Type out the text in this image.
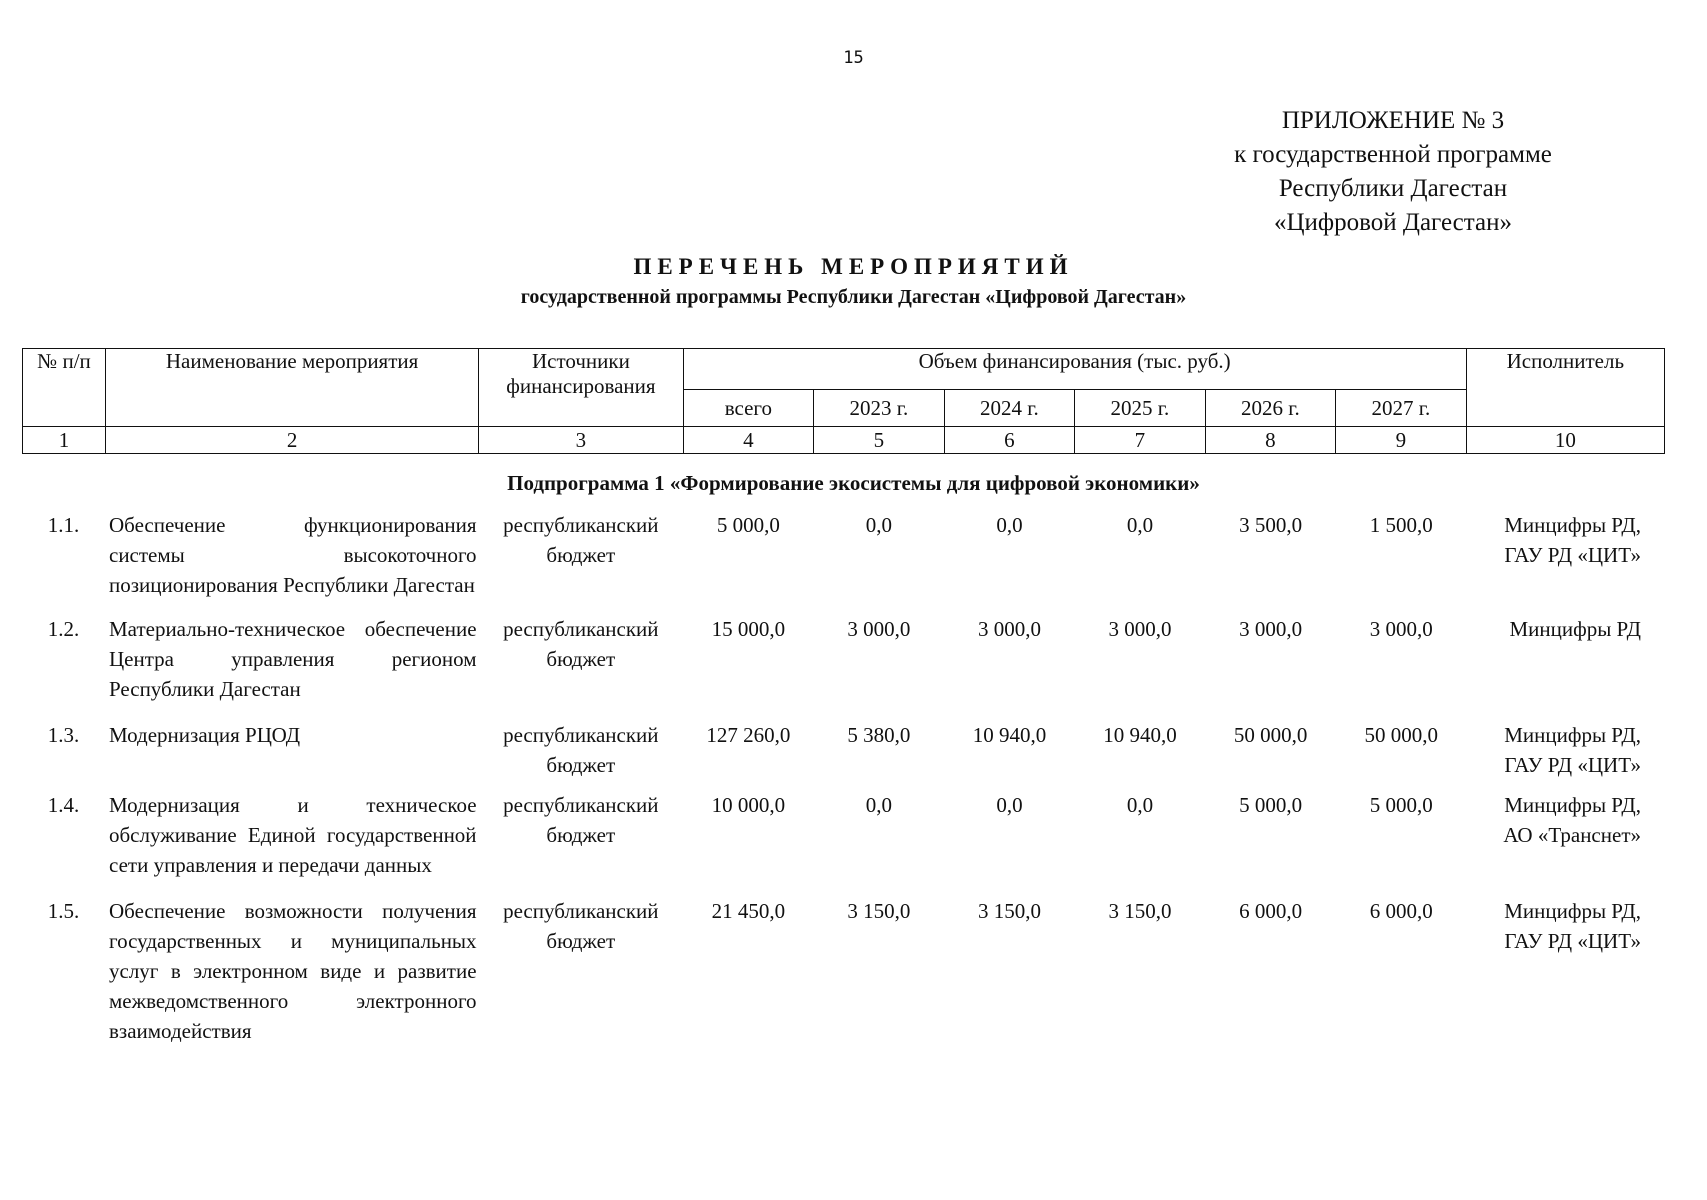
15
ПРИЛОЖЕНИЕ № 3
к государственной программе
Республики Дагестан
«Цифровой Дагестан»
ПЕРЕЧЕНЬ МЕРОПРИЯТИЙ
государственной программы Республики Дагестан «Цифровой Дагестан»
№ п/п	Наименование мероприятия	Источники финансирования	Объем финансирования (тыс. руб.)						Исполнитель
			всего	2023 г.	2024 г.	2025 г.	2026 г.	2027 г.	
1	2	3	4	5	6	7	8	9	10
Подпрограмма 1 «Формирование экосистемы для цифровой экономики»
1.1.	Обеспечение функционирования системы высокоточного позиционирования Республики Дагестан	республиканский бюджет	5 000,0	0,0	0,0	0,0	3 500,0	1 500,0	Минцифры РД, ГАУ РД «ЦИТ»
1.2.	Материально-техническое обеспечение Центра управления регионом Республики Дагестан	республиканский бюджет	15 000,0	3 000,0	3 000,0	3 000,0	3 000,0	3 000,0	Минцифры РД
1.3.	Модернизация РЦОД	республиканский бюджет	127 260,0	5 380,0	10 940,0	10 940,0	50 000,0	50 000,0	Минцифры РД, ГАУ РД «ЦИТ»
1.4.	Модернизация и техническое обслуживание Единой государственной сети управления и передачи данных	республиканский бюджет	10 000,0	0,0	0,0	0,0	5 000,0	5 000,0	Минцифры РД, АО «Транснет»
1.5.	Обеспечение возможности получения государственных и муниципальных услуг в электронном виде и развитие межведомственного электронного взаимодействия	республиканский бюджет	21 450,0	3 150,0	3 150,0	3 150,0	6 000,0	6 000,0	Минцифры РД, ГАУ РД «ЦИТ»
